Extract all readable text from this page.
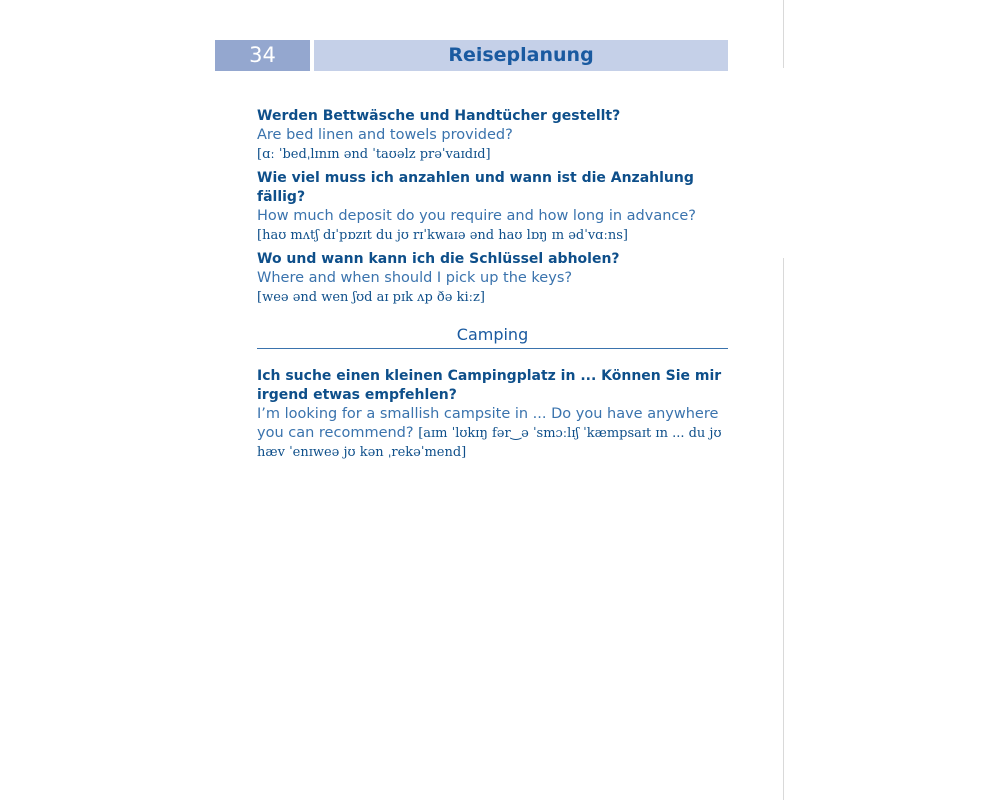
34	Reiseplanung
Werden Bettwäsche und Handtücher gestellt?
Are bed linen and towels provided?
[ɑː ˈbedˌlɪnɪn ənd ˈtaʊəlz prəˈvaɪdɪd]
Wie viel muss ich anzahlen und wann ist die Anzahlung fällig?
How much deposit do you require and how long in advance?
[haʊ mʌtʃ dɪˈpɒzɪt du jʊ rɪˈkwaɪə ənd haʊ lɒŋ ɪn ədˈvɑːns]
Wo und wann kann ich die Schlüssel abholen?
Where and when should I pick up the keys?
[weə ənd wen ʃʊd aɪ pɪk ʌp ðə kiːz]
Camping
Ich suche einen kleinen Campingplatz in ... Können Sie mir irgend etwas empfehlen?
I’m looking for a smallish campsite in ... Do you have anywhere you can recommend? [aɪm ˈlʊkɪŋ fər‿ə ˈsmɔːlɪʃ ˈkæmpsaɪt ɪn ... du jʊ hæv ˈenɪweə jʊ kən ˌrekəˈmend]
